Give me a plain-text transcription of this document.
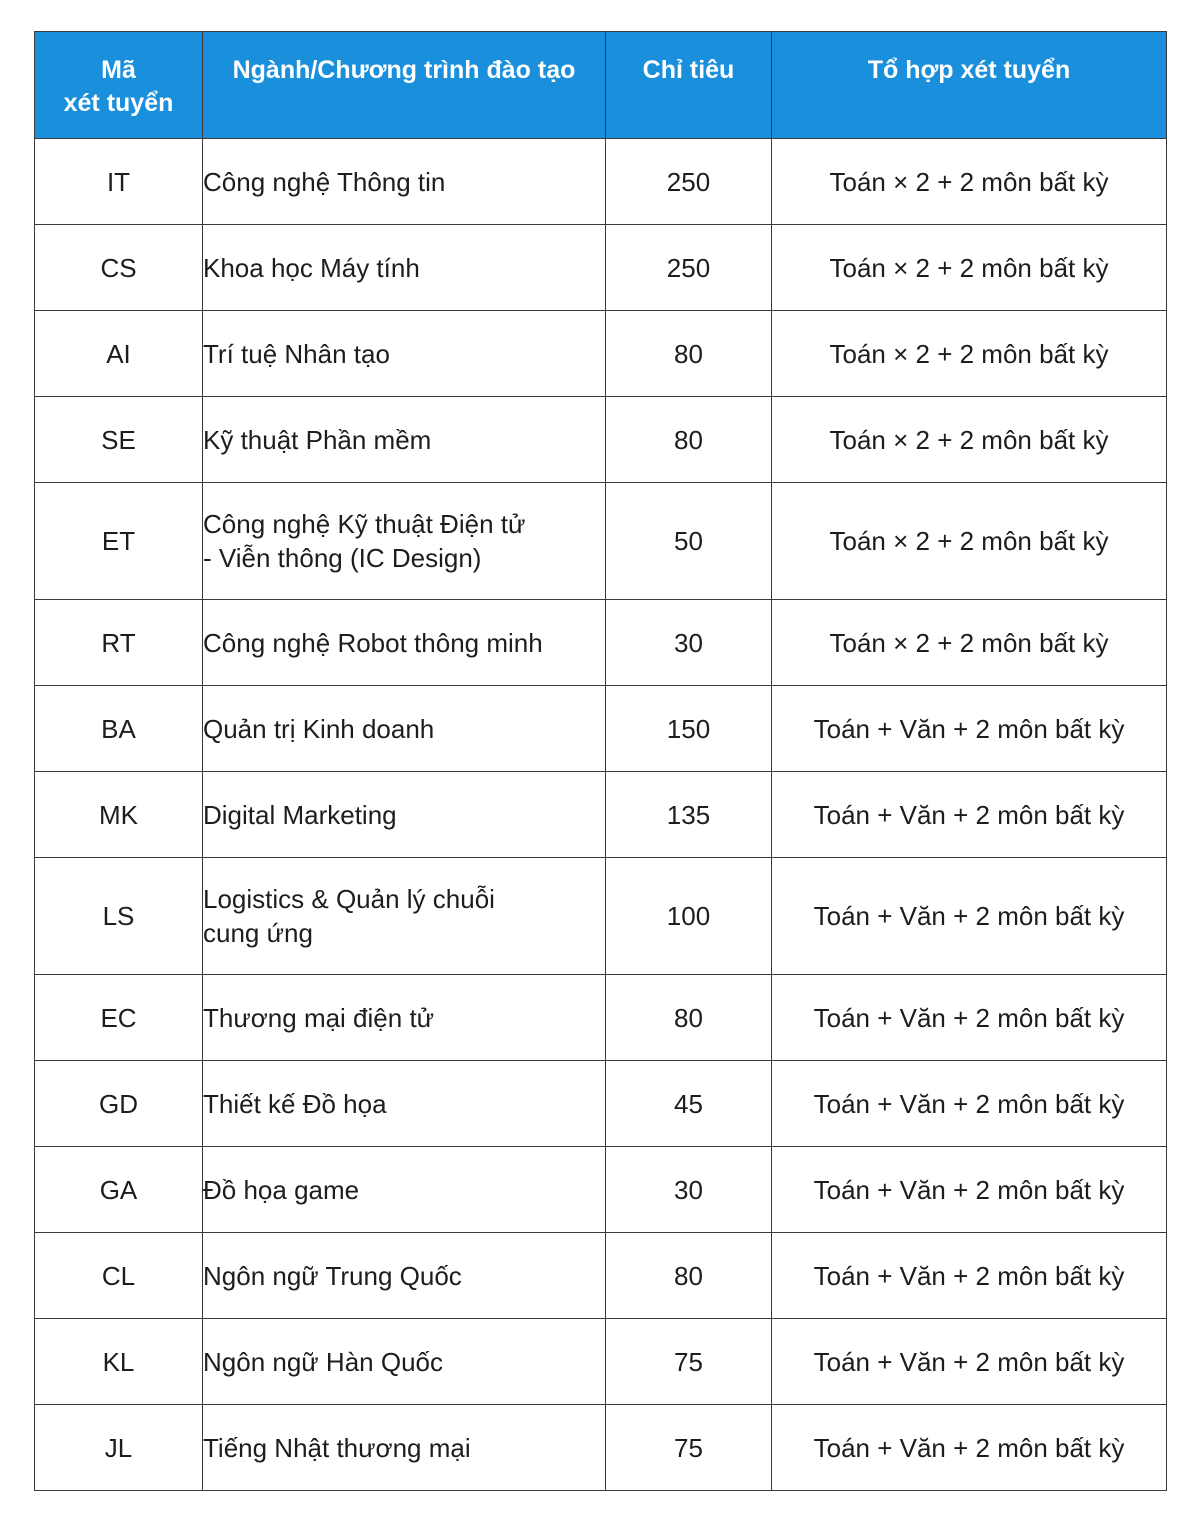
Mã
xét tuyển	Ngành/Chương trình đào tạo	Chỉ tiêu	Tổ hợp xét tuyển
IT	Công nghệ Thông tin	250	Toán × 2 + 2 môn bất kỳ
CS	Khoa học Máy tính	250	Toán × 2 + 2 môn bất kỳ
AI	Trí tuệ Nhân tạo	80	Toán × 2 + 2 môn bất kỳ
SE	Kỹ thuật Phần mềm	80	Toán × 2 + 2 môn bất kỳ
ET	Công nghệ Kỹ thuật Điện tử
- Viễn thông (IC Design)	50	Toán × 2 + 2 môn bất kỳ
RT	Công nghệ Robot thông minh	30	Toán × 2 + 2 môn bất kỳ
BA	Quản trị Kinh doanh	150	Toán + Văn + 2 môn bất kỳ
MK	Digital Marketing	135	Toán + Văn + 2 môn bất kỳ
LS	Logistics & Quản lý chuỗi
cung ứng	100	Toán + Văn + 2 môn bất kỳ
EC	Thương mại điện tử	80	Toán + Văn + 2 môn bất kỳ
GD	Thiết kế Đồ họa	45	Toán + Văn + 2 môn bất kỳ
GA	Đồ họa game	30	Toán + Văn + 2 môn bất kỳ
CL	Ngôn ngữ Trung Quốc	80	Toán + Văn + 2 môn bất kỳ
KL	Ngôn ngữ Hàn Quốc	75	Toán + Văn + 2 môn bất kỳ
JL	Tiếng Nhật thương mại	75	Toán + Văn + 2 môn bất kỳ
